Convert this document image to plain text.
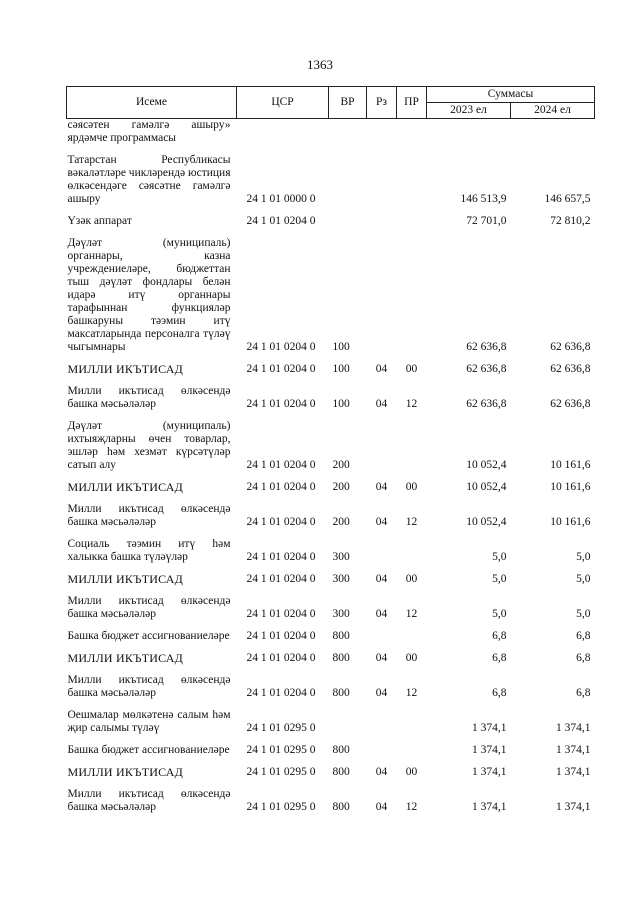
1363
Исеме	ЦСР	ВР	Рз	ПР	Суммасы	
					2023 ел	2024 ел
сәясәтен гамәлгә ашыру» ярдәмче программасы						
Татарстан Республикасы вәкаләтләре чикләрендә юстиция өлкәсендәге сәясәтне гамәлгә ашыру	24 1 01 0000 0				146 513,9	146 657,5
Үзәк аппарат	24 1 01 0204 0				72 701,0	72 810,2
Дәүләт (муниципаль) органнары, казна учреждениеләре, бюджеттан тыш дәүләт фондлары белән идарә итү органнары тарафыннан функцияләр башкаруны тәэмин итү максатларында персоналга түләү чыгымнары	24 1 01 0204 0	100			62 636,8	62 636,8
МИЛЛИ ИКЪТИСАД	24 1 01 0204 0	100	04	00	62 636,8	62 636,8
Милли икътисад өлкәсендә башка мәсьәләләр	24 1 01 0204 0	100	04	12	62 636,8	62 636,8
Дәүләт (муниципаль) ихтыяҗларны өчен товарлар, эшләр һәм хезмәт күрсәтүләр сатып алу	24 1 01 0204 0	200			10 052,4	10 161,6
МИЛЛИ ИКЪТИСАД	24 1 01 0204 0	200	04	00	10 052,4	10 161,6
Милли икътисад өлкәсендә башка мәсьәләләр	24 1 01 0204 0	200	04	12	10 052,4	10 161,6
Социаль тәэмин итү һәм халыкка башка түләүләр	24 1 01 0204 0	300			5,0	5,0
МИЛЛИ ИКЪТИСАД	24 1 01 0204 0	300	04	00	5,0	5,0
Милли икътисад өлкәсендә башка мәсьәләләр	24 1 01 0204 0	300	04	12	5,0	5,0
Башка бюджет ассигнованиеләре	24 1 01 0204 0	800			6,8	6,8
МИЛЛИ ИКЪТИСАД	24 1 01 0204 0	800	04	00	6,8	6,8
Милли икътисад өлкәсендә башка мәсьәләләр	24 1 01 0204 0	800	04	12	6,8	6,8
Оешмалар мөлкәтенә салым һәм җир салымы түләү	24 1 01 0295 0				1 374,1	1 374,1
Башка бюджет ассигнованиеләре	24 1 01 0295 0	800			1 374,1	1 374,1
МИЛЛИ ИКЪТИСАД	24 1 01 0295 0	800	04	00	1 374,1	1 374,1
Милли икътисад өлкәсендә башка мәсьәләләр	24 1 01 0295 0	800	04	12	1 374,1	1 374,1
